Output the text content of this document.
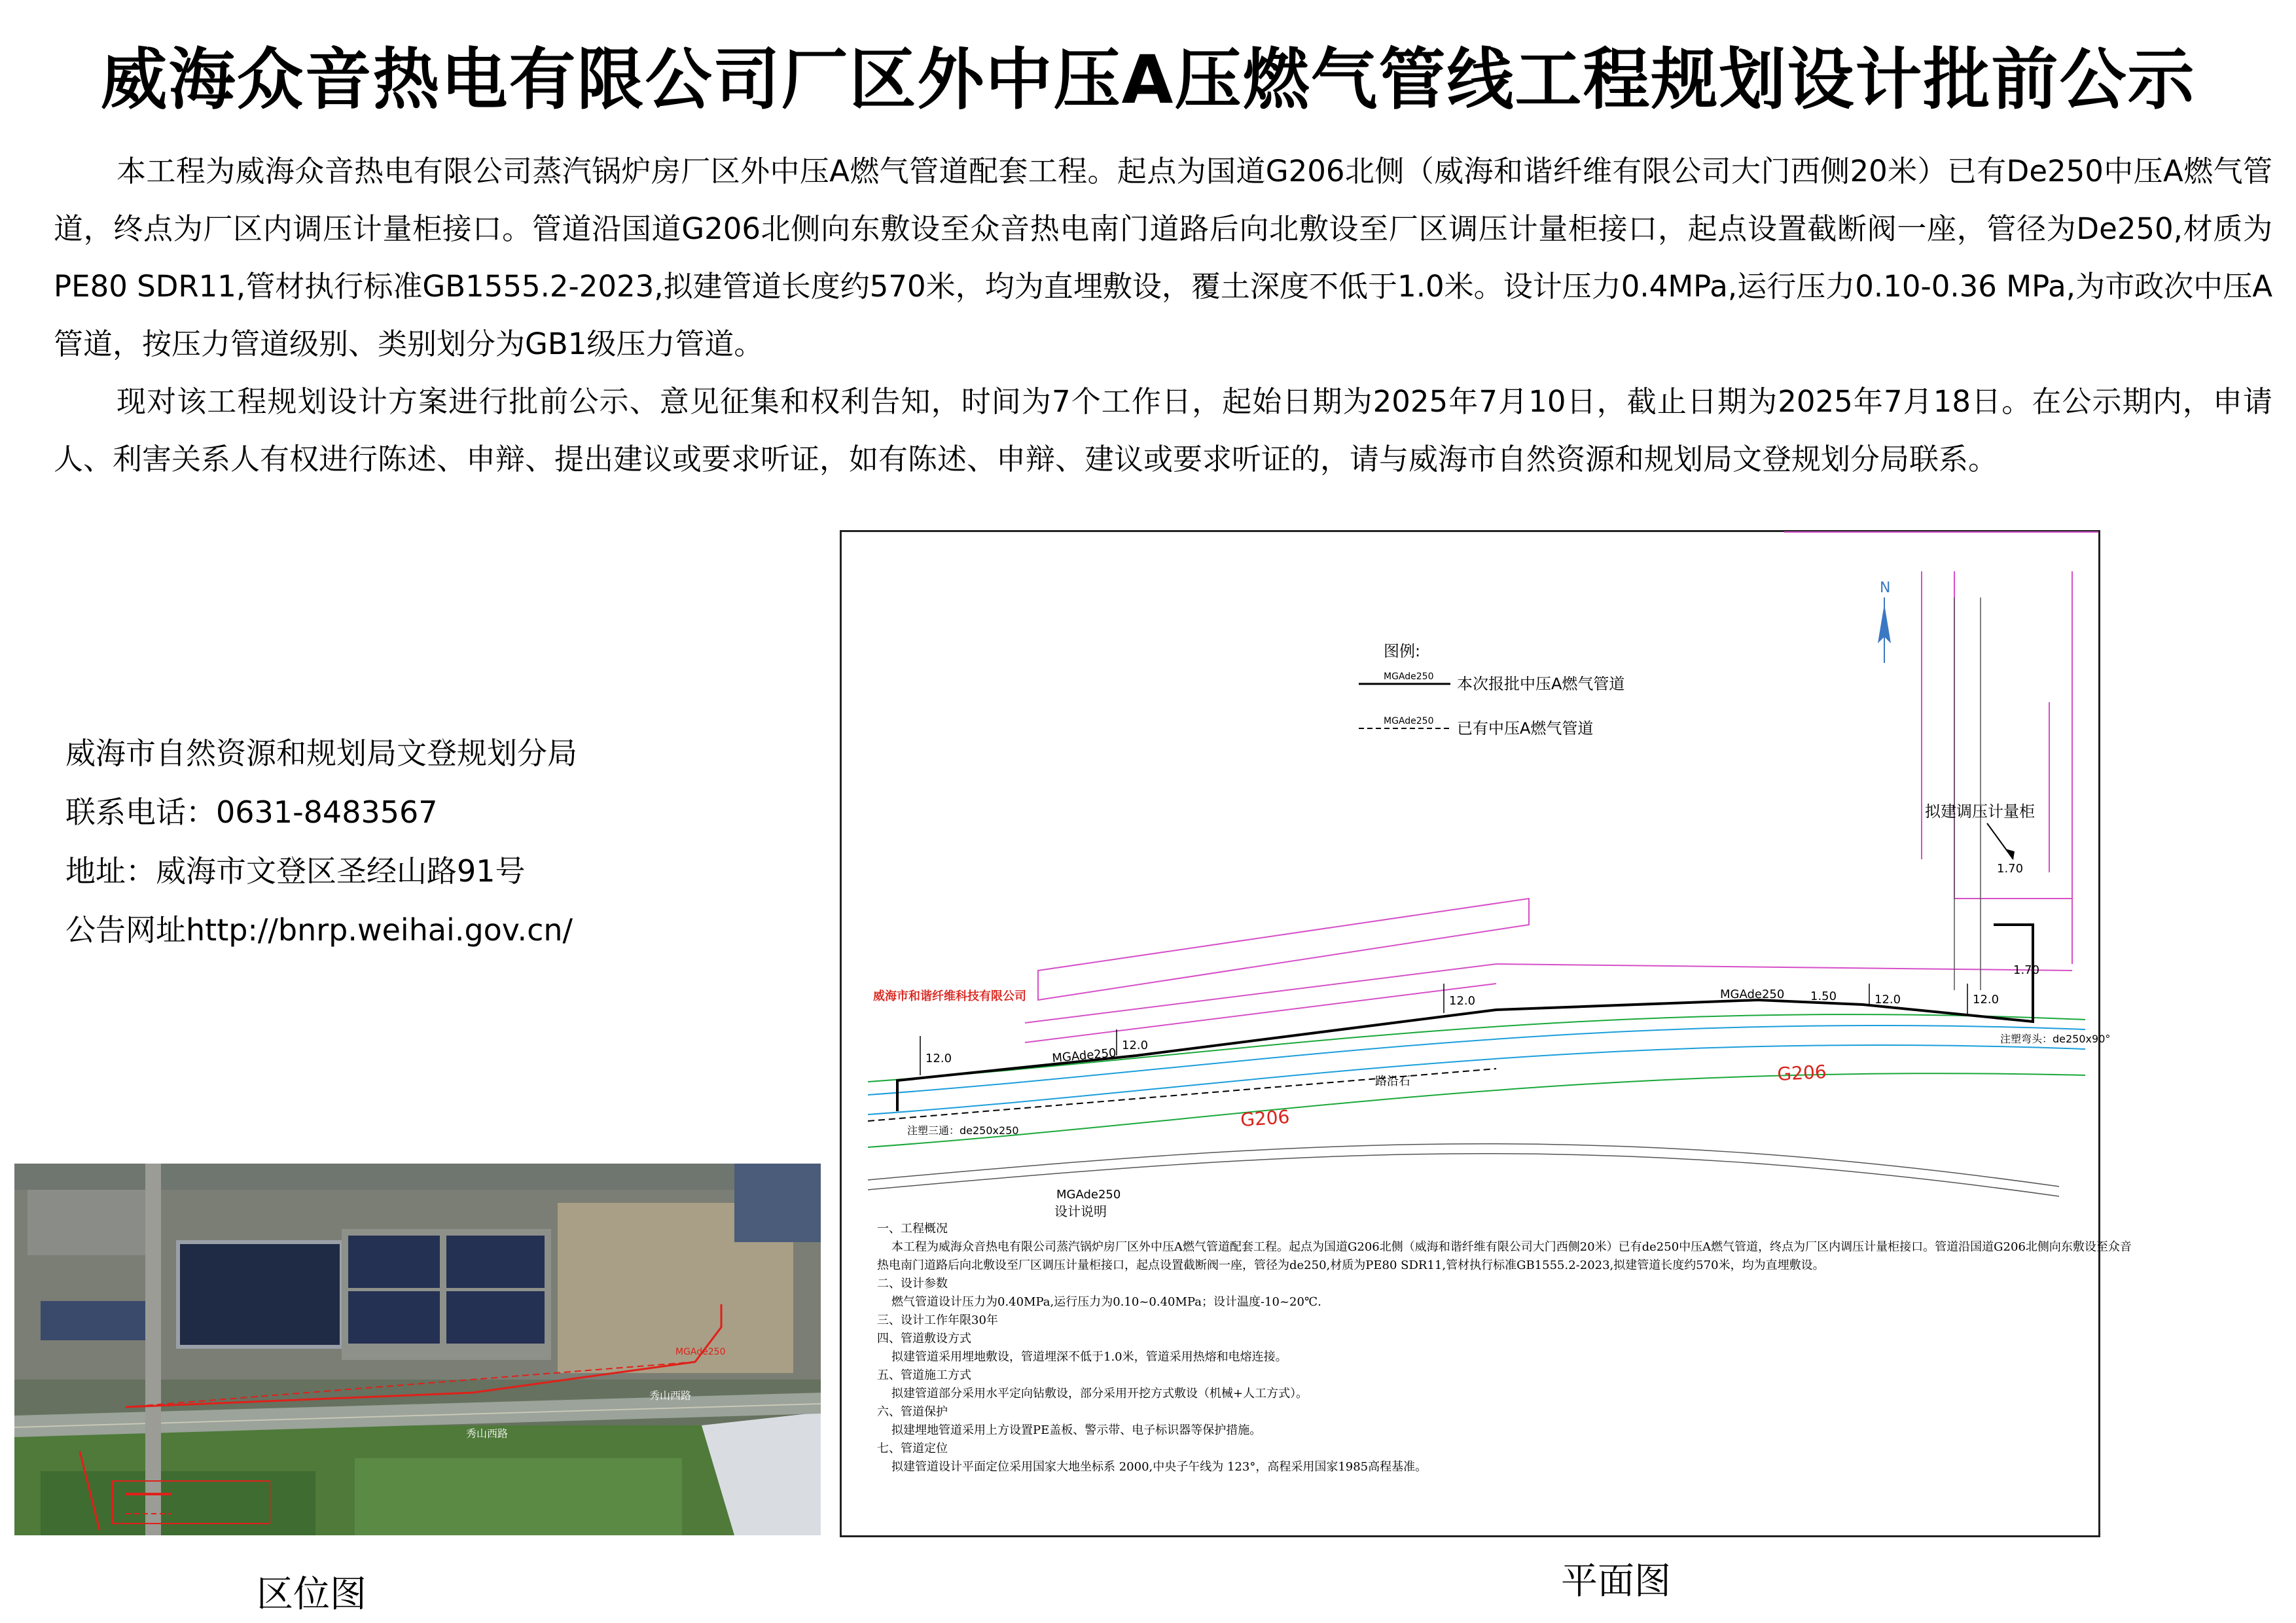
威海众音热电有限公司厂区外中压A压燃气管线工程规划设计批前公示

本工程为威海众音热电有限公司蒸汽锅炉房厂区外中压A燃气管道配套工程。起点为国道G206北侧（威海和谐纤维有限公司大门西侧20米）已有De250中压A燃气管道，终点为厂区内调压计量柜接口。管道沿国道G206北侧向东敷设至众音热电南门道路后向北敷设至厂区调压计量柜接口，起点设置截断阀一座，管径为De250,材质为PE80 SDR11,管材执行标准GB1555.2-2023,拟建管道长度约570米，均为直埋敷设，覆土深度不低于1.0米。设计压力0.4MPa,运行压力0.10-0.36 MPa,为市政次中压A管道，按压力管道级别、类别划分为GB1级压力管道。

现对该工程规划设计方案进行批前公示、意见征集和权利告知，时间为7个工作日，起始日期为2025年7月10日，截止日期为2025年7月18日。在公示期内，申请人、利害关系人有权进行陈述、申辩、提出建议或要求听证，如有陈述、申辩、建议或要求听证的，请与威海市自然资源和规划局文登规划分局联系。

威海市自然资源和规划局文登规划分局
联系电话：0631-8483567
地址：威海市文登区圣经山路91号
公告网址http://bnrp.weihai.gov.cn/
秀山西路
秀山西路
MGAde250
区位图
N
图例:
MGAde250 本次报批中压A燃气管道
MGAde250 已有中压A燃气管道
12.0
12.0
12.0	12.0	12.0
1.50
1.70
1.70
威海市和谐纤维科技有限公司
拟建调压计量柜
G206
G206
MGAde250
MGAde250
MGAde250
路沿石
注塑三通：de250x250
注塑弯头：de250x90°
设计说明
一、工程概况
本工程为威海众音热电有限公司蒸汽锅炉房厂区外中压A燃气管道配套工程。起点为国道G206北侧（威海和谐纤维有限公司大门西侧20米）已有de250中压A燃气管道，终点为厂区内调压计量柜接口。管道沿国道G206北侧向东敷设至众音
热电南门道路后向北敷设至厂区调压计量柜接口，起点设置截断阀一座，管径为de250,材质为PE80 SDR11,管材执行标准GB1555.2-2023,拟建管道长度约570米，均为直埋敷设。
二、设计参数
燃气管道设计压力为0.40MPa,运行压力为0.10~0.40MPa；设计温度-10~20℃.
三、设计工作年限30年
四、管道敷设方式
拟建管道采用埋地敷设，管道埋深不低于1.0米，管道采用热熔和电熔连接。
五、管道施工方式
拟建管道部分采用水平定向钻敷设，部分采用开挖方式敷设（机械+人工方式）。
六、管道保护
拟建埋地管道采用上方设置PE盖板、警示带、电子标识器等保护措施。
七、管道定位
拟建管道设计平面定位采用国家大地坐标系 2000,中央子午线为 123°，高程采用国家1985高程基准。
平面图
